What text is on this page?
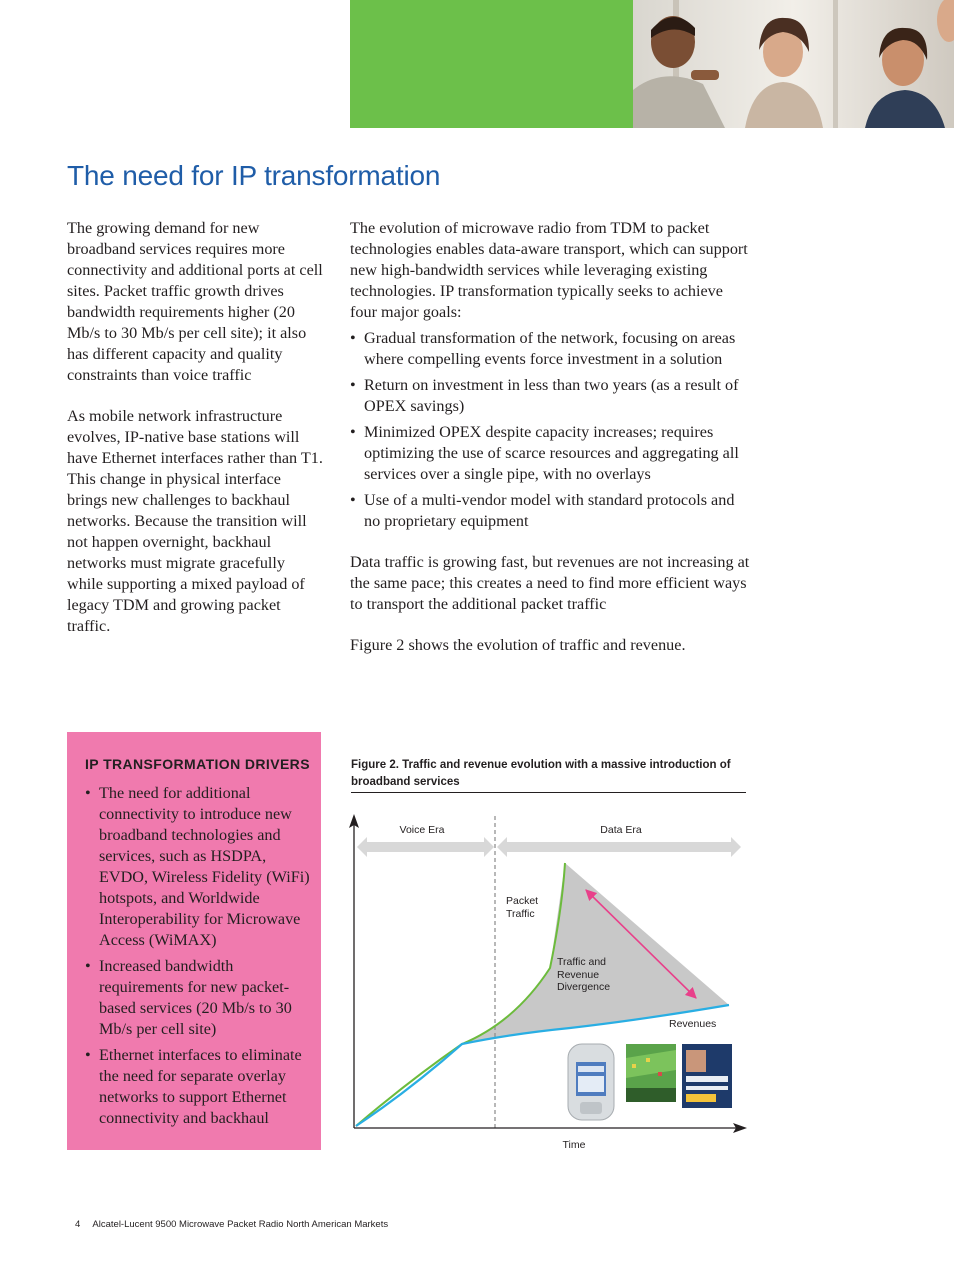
The need for IP transformation

The growing demand for new broadband services requires more connectivity and additional ports at cell sites. Packet traffic growth drives bandwidth requirements higher (20 Mb/s to 30 Mb/s per cell site); it also has different capacity and quality constraints than voice traffic

As mobile network infrastructure evolves, IP-native base stations will have Ethernet interfaces rather than T1. This change in physical interface brings new challenges to backhaul networks. Because the transition will not happen overnight, backhaul networks must migrate gracefully while supporting a mixed payload of legacy TDM and growing packet traffic.

The evolution of microwave radio from TDM to packet technologies enables data-aware transport, which can support new high-bandwidth services while leveraging existing technologies. IP transformation typically seeks to achieve four major goals:

• Gradual transformation of the network, focusing on areas where compelling events force investment in a solution
• Return on investment in less than two years (as a result of OPEX savings)
• Minimized OPEX despite capacity increases; requires optimizing the use of scarce resources and aggregating all services over a single pipe, with no overlays
• Use of a multi-vendor model with standard protocols and no proprietary equipment

Data traffic is growing fast, but revenues are not increasing at the same pace; this creates a need to find more efficient ways to transport the additional packet traffic

Figure 2 shows the evolution of traffic and revenue.

IP TRANSFORMATION DRIVERS
• The need for additional connectivity to introduce new broadband technologies and services, such as HSDPA, EVDO, Wireless Fidelity (WiFi) hotspots, and Worldwide Interoperability for Microwave Access (WiMAX)
• Increased bandwidth requirements for new packet-based services (20 Mb/s to 30 Mb/s per cell site)
• Ethernet interfaces to eliminate the need for separate overlay networks to support Ethernet connectivity and backhaul
Figure 2. Traffic and revenue evolution with a massive introduction of broadband services
Voice Era	Data Era
Packet
Traffic
Traffic and
Revenue
Divergence
Revenues
Time
4 Alcatel-Lucent 9500 Microwave Packet Radio North American Markets
